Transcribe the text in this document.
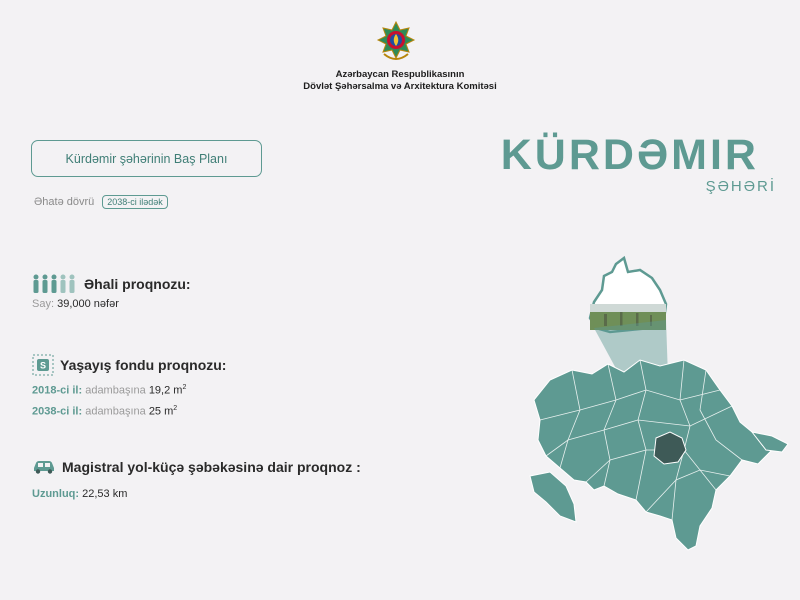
Azərbaycan Respublikasının
Dövlət Şəhərsalma və Arxitektura Komitəsi
Kürdəmir şəhərinin Baş Planı
Əhatə dövrü	2038-ci ilədək
KÜRDƏMIR
ŞƏHƏRİ
Əhali proqnozu:
Say: 39,000 nəfər
S Yaşayış fondu proqnozu:
2018-ci il: adambaşına 19,2 $m^2$
2038-ci il: adambaşına 25 $m^2$
Magistral yol-küçə şəbəkəsinə dair proqnoz :
Uzunluq: 22,53 km
